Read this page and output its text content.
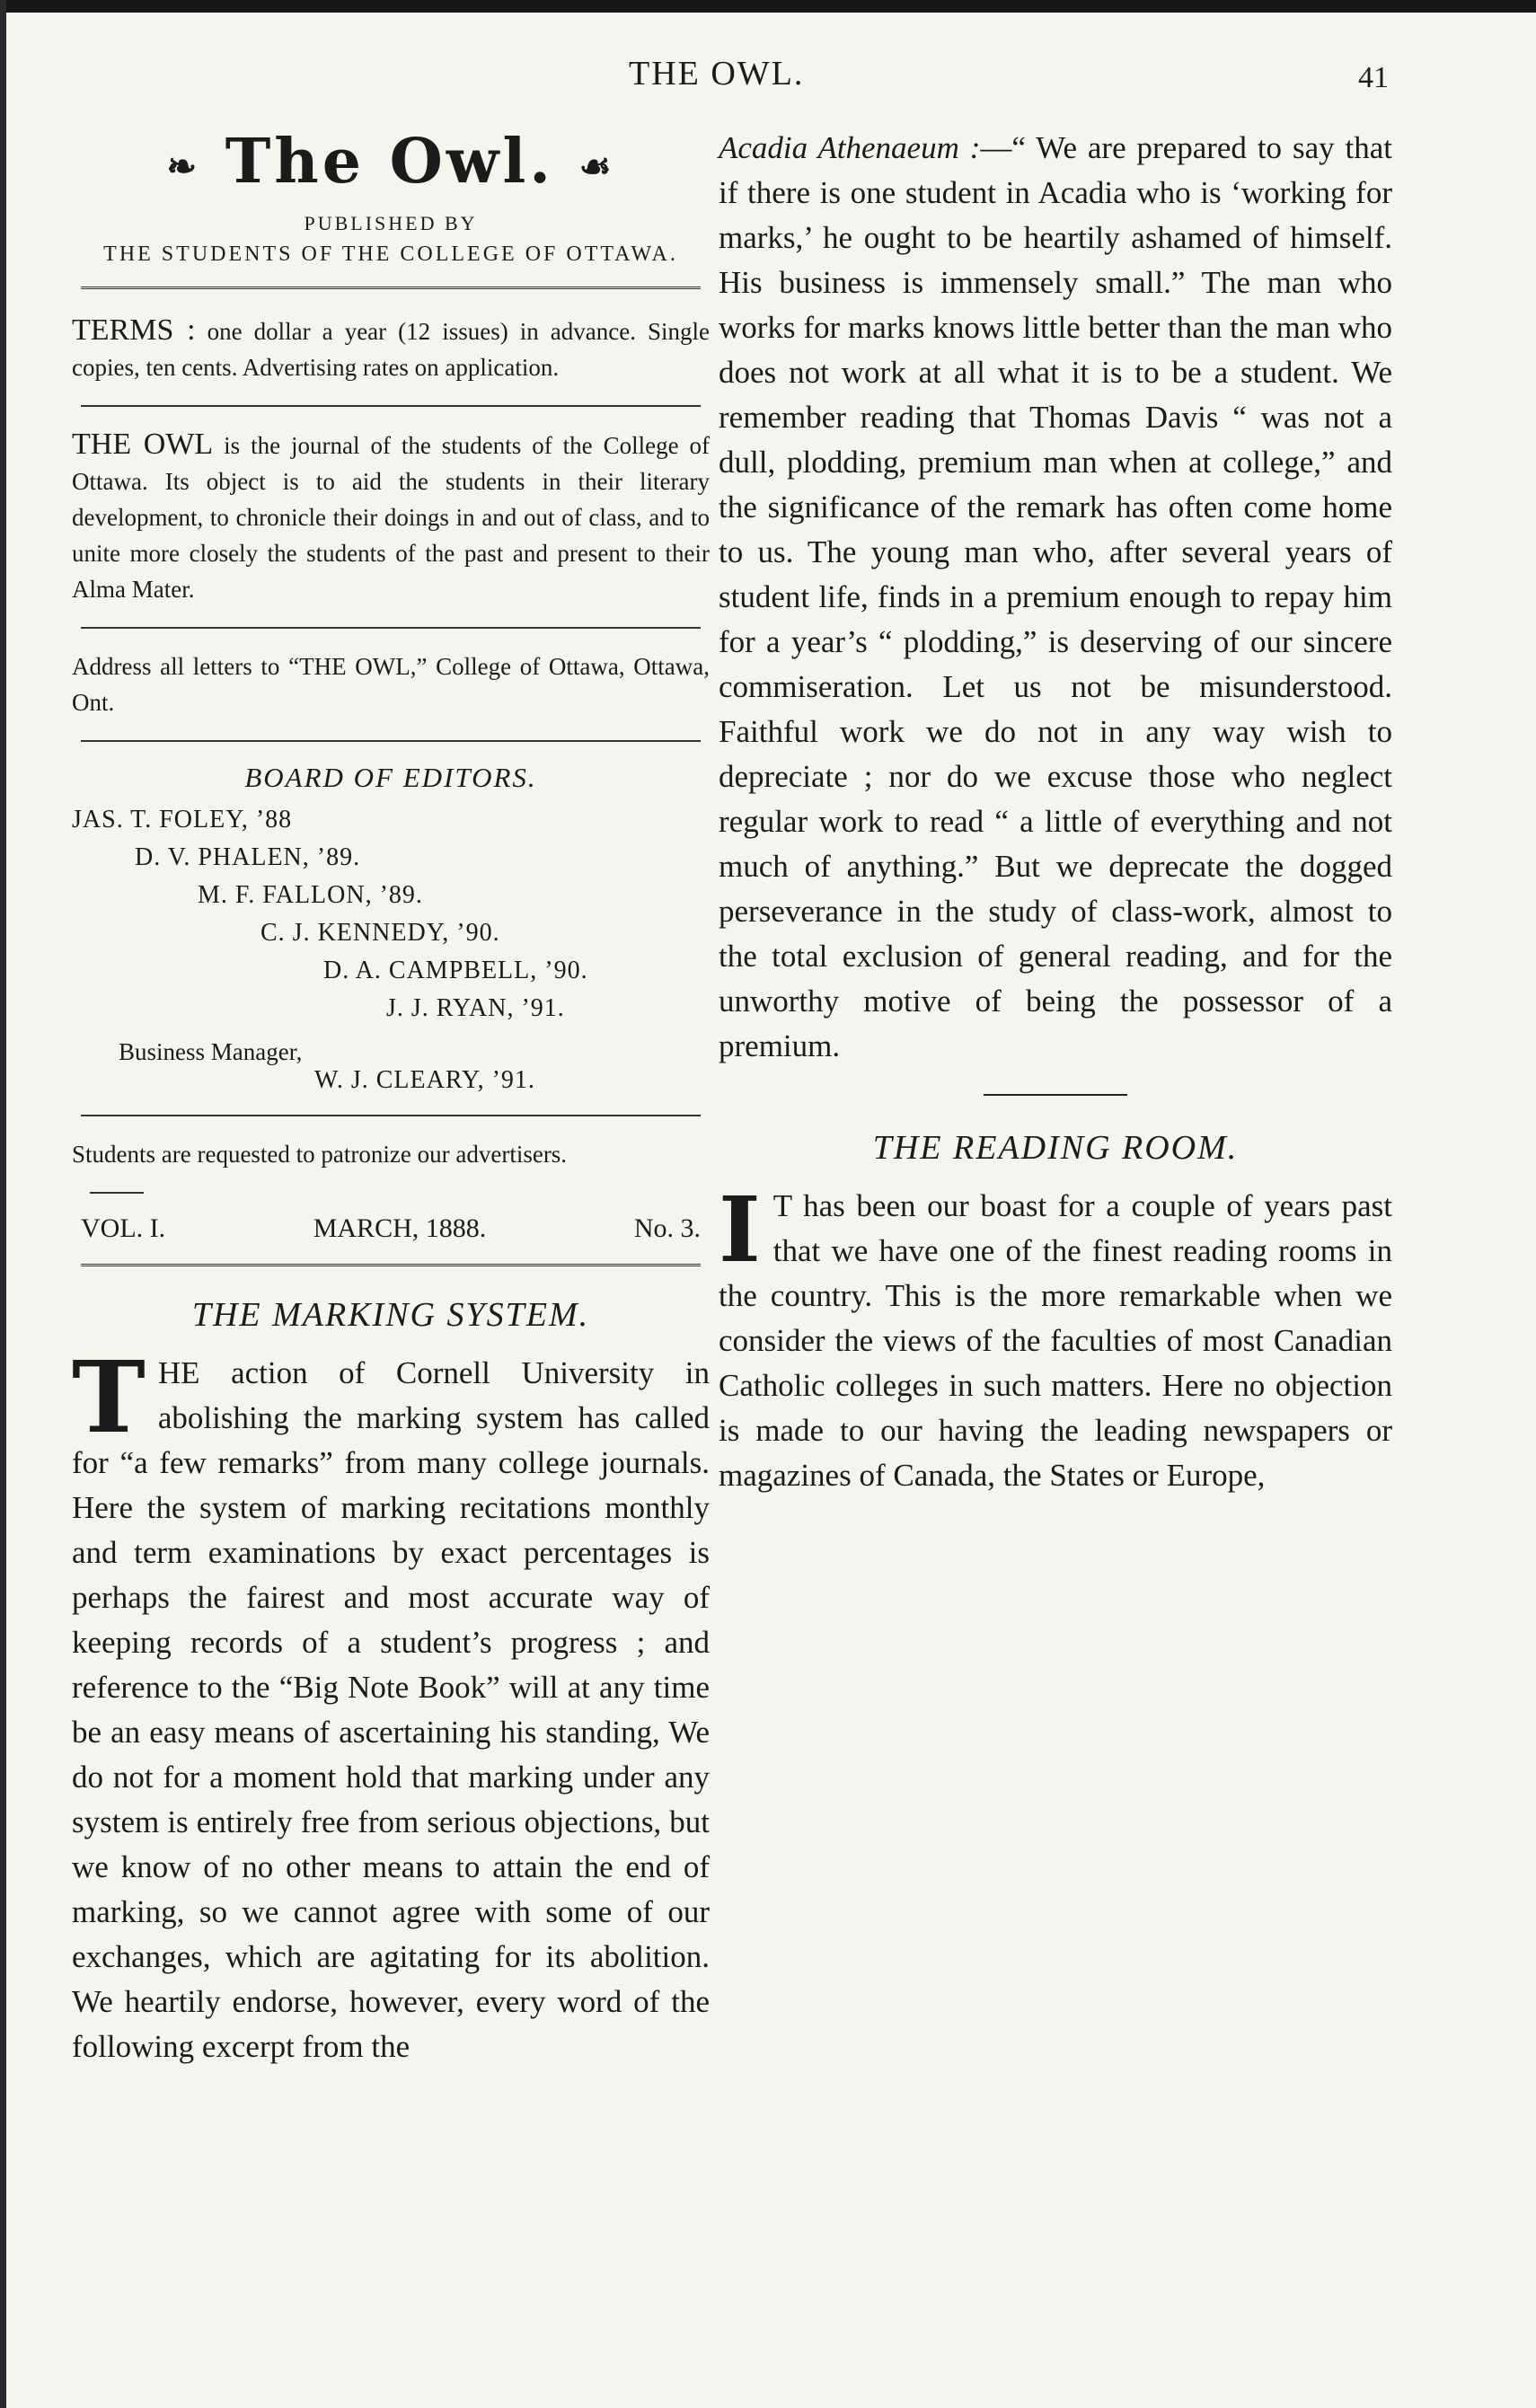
THE OWL.	41
❧ The Owl. ☙
PUBLISHED BY
THE STUDENTS OF THE COLLEGE OF OTTAWA.
TERMS : one dollar a year (12 issues) in advance. Single copies, ten cents. Advertising rates on application.
THE OWL is the journal of the students of the College of Ottawa. Its object is to aid the students in their literary development, to chronicle their doings in and out of class, and to unite more closely the students of the past and present to their Alma Mater.
Address all letters to “THE OWL,” College of Ottawa, Ottawa, Ont.
BOARD OF EDITORS.
JAS. T. FOLEY, ’88
D. V. PHALEN, ’89.
M. F. FALLON, ’89.
C. J. KENNEDY, ’90.
D. A. CAMPBELL, ’90.
J. J. RYAN, ’91.
Business Manager,
W. J. CLEARY, ’91.
Students are requested to patronize our advertisers.
VOL. I.	MARCH, 1888.	No. 3.
THE MARKING SYSTEM.
T HE action of Cornell University in abolishing the marking system has called for “a few remarks” from many college journals. Here the system of marking recitations monthly and term examinations by exact percentages is perhaps the fairest and most accurate way of keeping records of a student’s progress ; and reference to the “Big Note Book” will at any time be an easy means of ascertaining his standing, We do not for a moment hold that marking under any system is entirely free from serious objections, but we know of no other means to attain the end of marking, so we cannot agree with some of our exchanges, which are agitating for its abolition. We heartily endorse, however, every word of the following excerpt from the
Acadia Athenaeum :—“ We are prepared to say that if there is one student in Acadia who is ‘working for marks,’ he ought to be heartily ashamed of himself. His business is immensely small.” The man who works for marks knows little better than the man who does not work at all what it is to be a student. We remember reading that Thomas Davis “ was not a dull, plodding, premium man when at college,” and the significance of the remark has often come home to us. The young man who, after several years of student life, finds in a premium enough to repay him for a year’s “ plodding,” is deserving of our sincere commiseration. Let us not be misunderstood. Faithful work we do not in any way wish to depreciate ; nor do we excuse those who neglect regular work to read “ a little of everything and not much of anything.” But we deprecate the dogged perseverance in the study of class-work, almost to the total exclusion of general reading, and for the unworthy motive of being the possessor of a premium.
THE READING ROOM.
I T has been our boast for a couple of years past that we have one of the finest reading rooms in the country. This is the more remarkable when we consider the views of the faculties of most Canadian Catholic colleges in such matters. Here no objection is made to our having the leading newspapers or magazines of Canada, the States or Europe,
